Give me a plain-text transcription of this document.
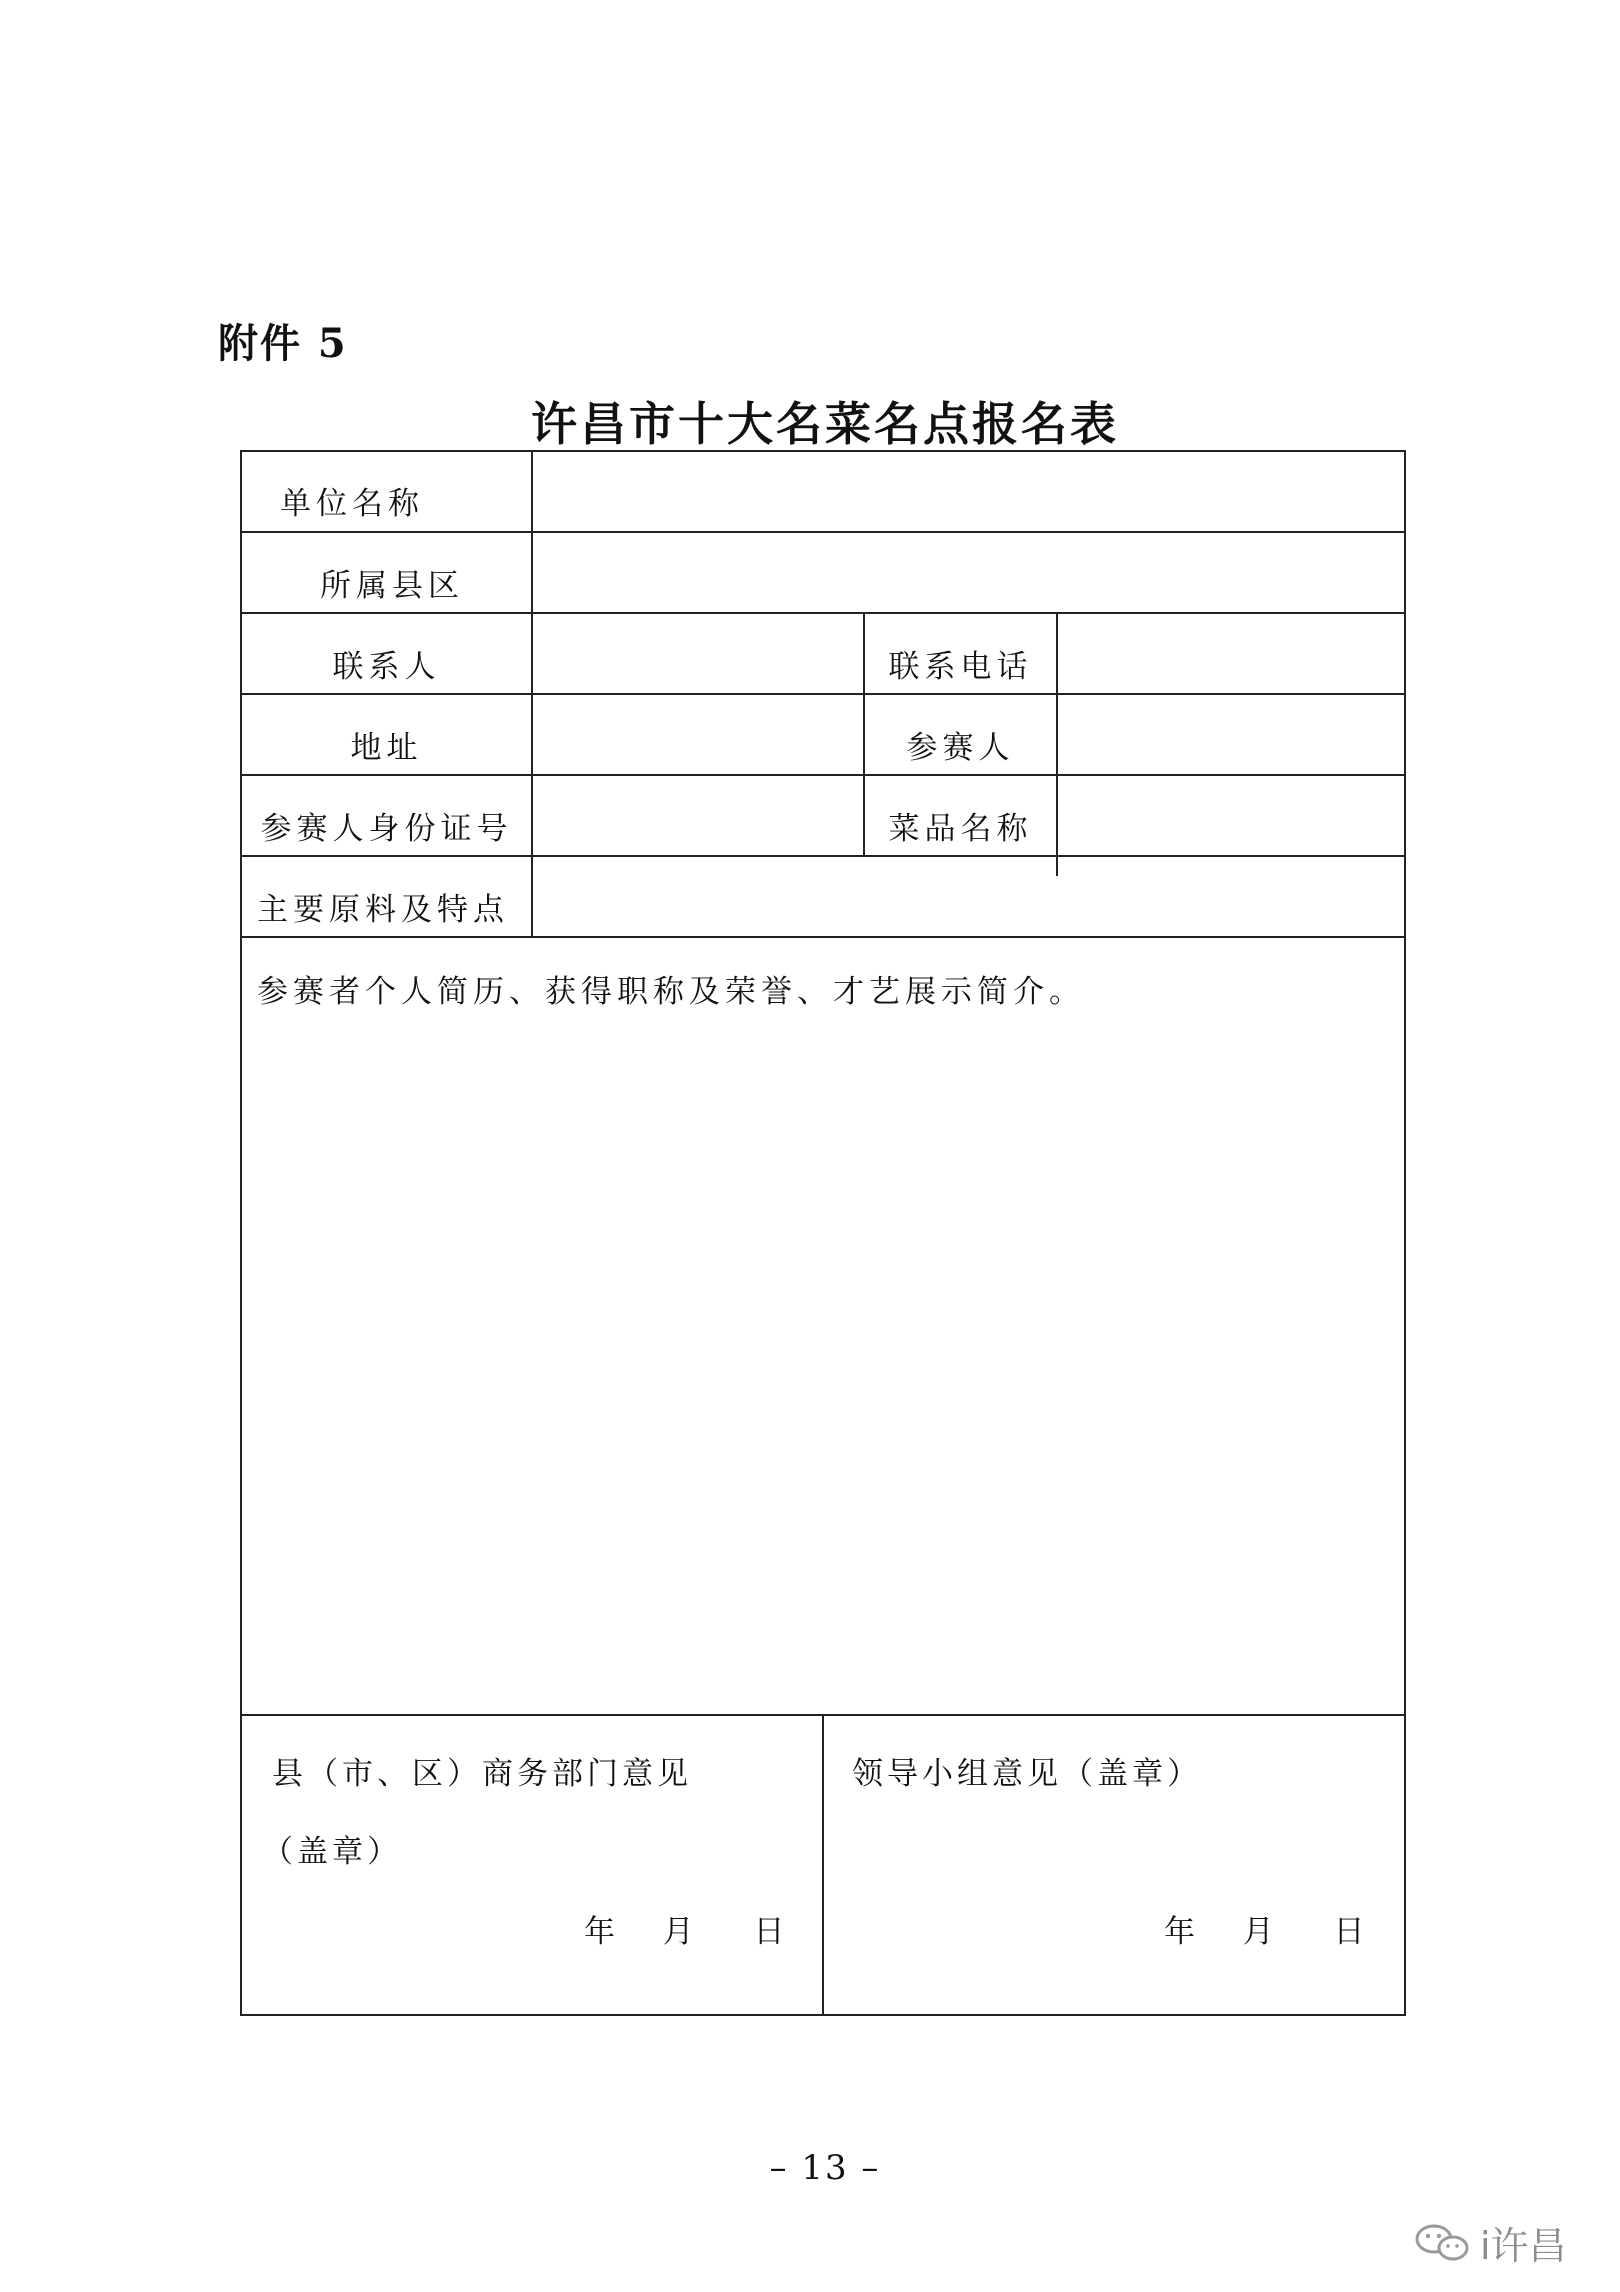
附件 5
许昌市十大名菜名点报名表
单位名称
所属县区
联系人	联系电话
地址	参赛人
参赛人身份证号	菜品名称
主要原料及特点
参赛者个人简历、获得职称及荣誉、才艺展示简介。
县（市、区）商务部门意见
（盖章）
年 月 日
领导小组意见（盖章）
年 月 日
– 13 –
i许昌
